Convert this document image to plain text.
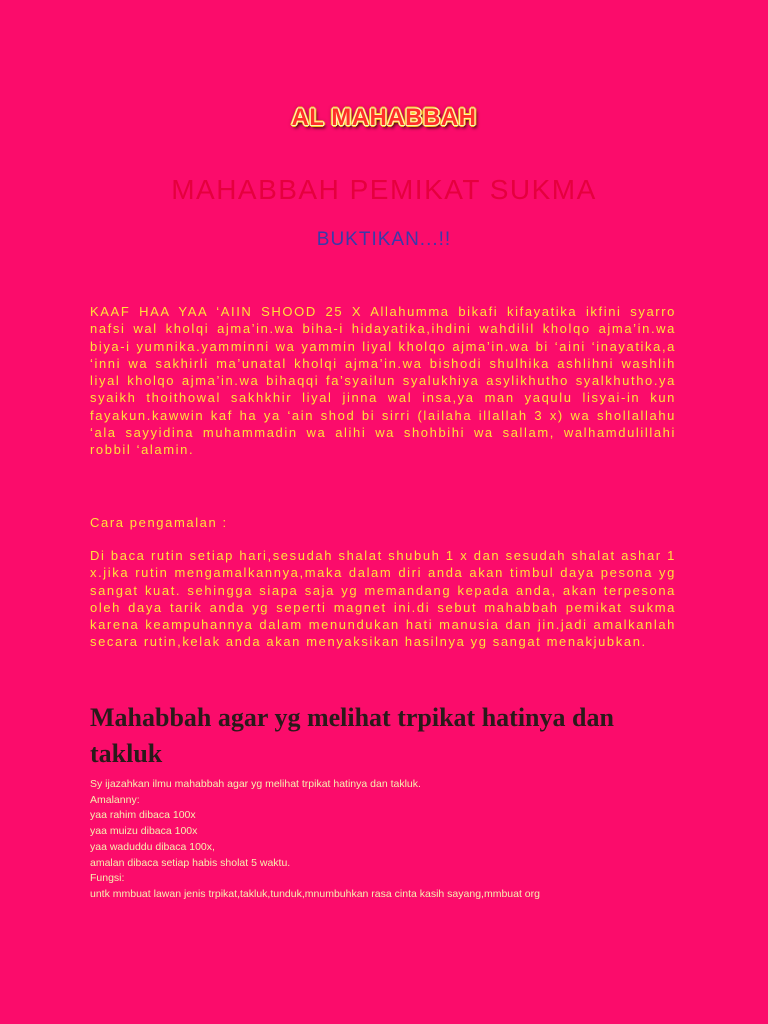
AL MAHABBAH
MAHABBAH PEMIKAT SUKMA
BUKTIKAN...!!

KAAF HAA YAA ‘AIIN SHOOD 25 X Allahumma bikafi kifayatika ikfini syarro nafsi wal kholqi ajma’in.wa biha-i hidayatika,ihdini wahdilil kholqo ajma’in.wa biya-i yumnika.yamminni wa yammin liyal kholqo ajma’in.wa bi ‘aini ‘inayatika,a ‘inni wa sakhirli ma’unatal kholqi ajma’in.wa bishodi shulhika ashlihni washlih liyal kholqo ajma’in.wa bihaqqi fa’syailun syalukhiya asylikhutho syalkhutho.ya syaikh thoithowal sakhkhir liyal jinna wal insa,ya man yaqulu lisyai-in kun fayakun.kawwin kaf ha ya ‘ain shod bi sirri (lailaha illallah 3 x) wa shollallahu ‘ala sayyidina muhammadin wa alihi wa shohbihi wa sallam, walhamdulillahi robbil ‘alamin.

Cara pengamalan :

Di baca rutin setiap hari,sesudah shalat shubuh 1 x dan sesudah shalat ashar 1 x.jika rutin mengamalkannya,maka dalam diri anda akan timbul daya pesona yg sangat kuat. sehingga siapa saja yg memandang kepada anda, akan terpesona oleh daya tarik anda yg seperti magnet ini.di sebut mahabbah pemikat sukma karena keampuhannya dalam menundukan hati manusia dan jin.jadi amalkanlah secara rutin,kelak anda akan menyaksikan hasilnya yg sangat menakjubkan.

Mahabbah agar yg melihat trpikat hatinya dan takluk
Sy ijazahkan ilmu mahabbah agar yg melihat trpikat hatinya dan takluk.
Amalanny:
yaa rahim dibaca 100x
yaa muizu dibaca 100x
yaa waduddu dibaca 100x,
amalan dibaca setiap habis sholat 5 waktu.
Fungsi:
untk mmbuat lawan jenis trpikat,takluk,tunduk,mnumbuhkan rasa cinta kasih sayang,mmbuat org
